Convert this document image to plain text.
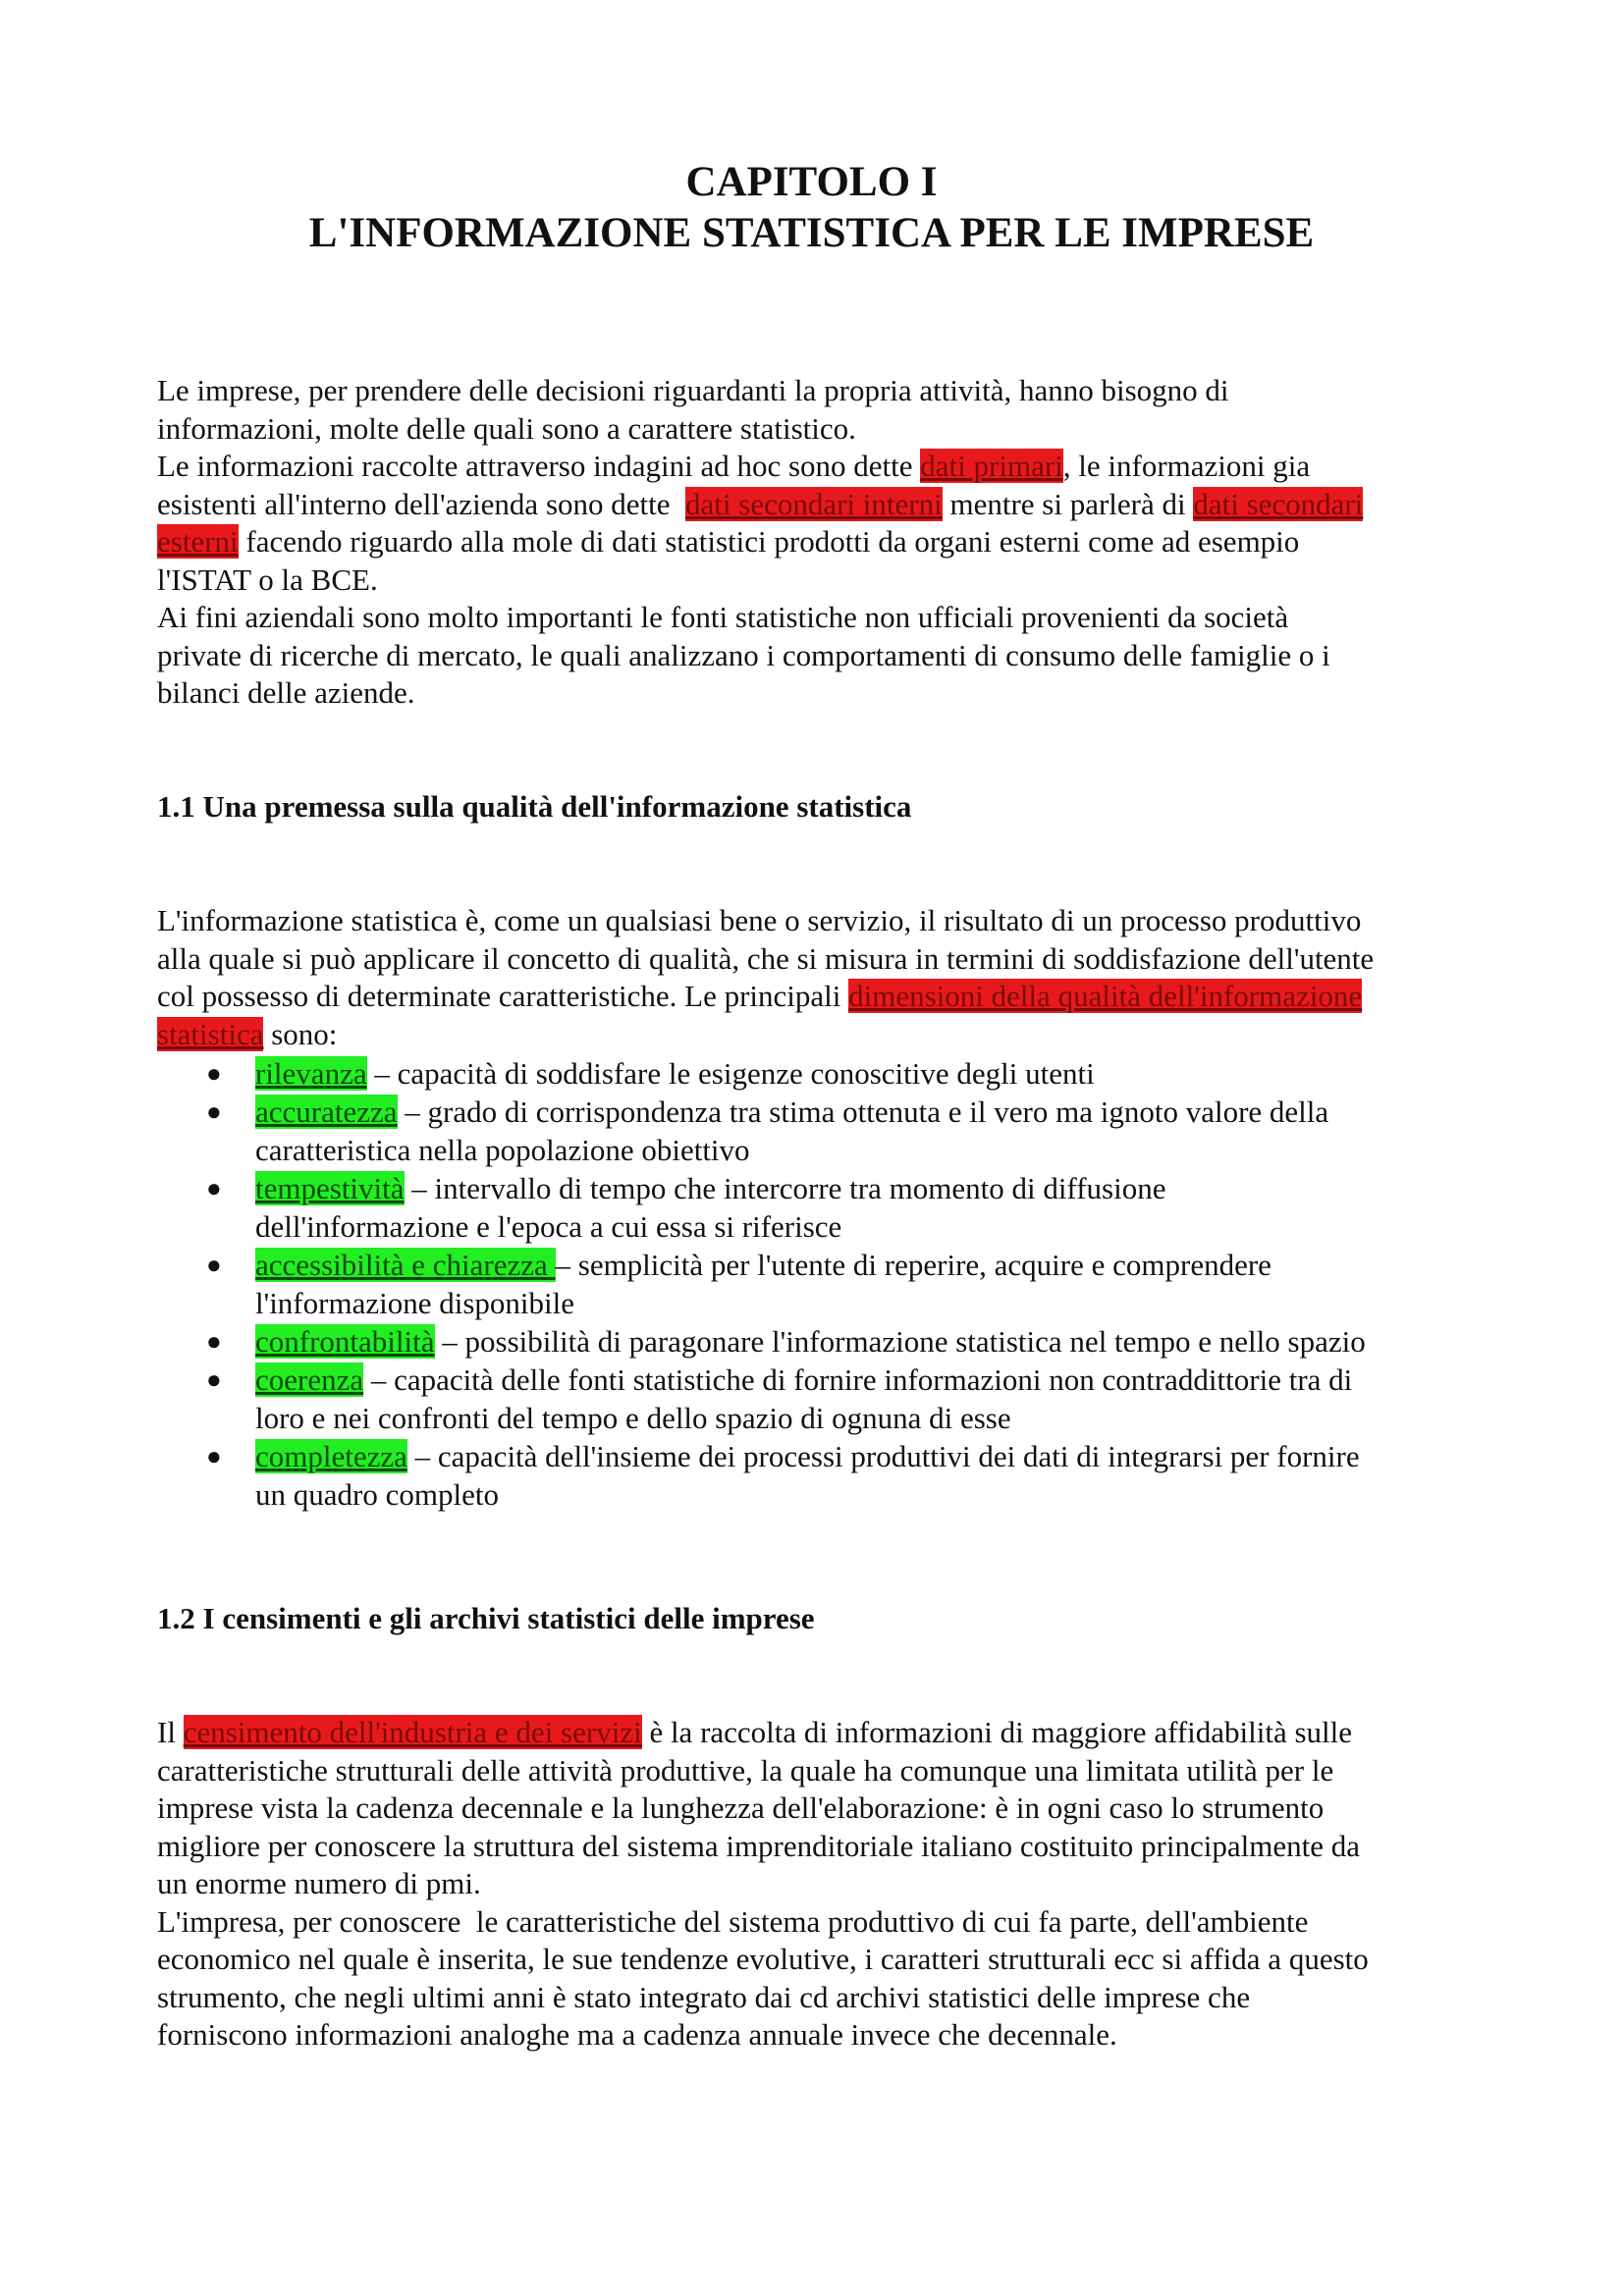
CAPITOLO I
L'INFORMAZIONE STATISTICA PER LE IMPRESE
Le imprese, per prendere delle decisioni riguardanti la propria attività, hanno bisogno di
informazioni, molte delle quali sono a carattere statistico.
Le informazioni raccolte attraverso indagini ad hoc sono dette dati primari, le informazioni gia
esistenti all'interno dell'azienda sono dette  dati secondari interni mentre si parlerà di dati secondari
esterni facendo riguardo alla mole di dati statistici prodotti da organi esterni come ad esempio
l'ISTAT o la BCE.
Ai fini aziendali sono molto importanti le fonti statistiche non ufficiali provenienti da società
private di ricerche di mercato, le quali analizzano i comportamenti di consumo delle famiglie o i
bilanci delle aziende.
1.1 Una premessa sulla qualità dell'informazione statistica
L'informazione statistica è, come un qualsiasi bene o servizio, il risultato di un processo produttivo
alla quale si può applicare il concetto di qualità, che si misura in termini di soddisfazione dell'utente
col possesso di determinate caratteristiche. Le principali dimensioni della qualità dell'informazione
statistica sono:
● rilevanza – capacità di soddisfare le esigenze conoscitive degli utenti
● accuratezza – grado di corrispondenza tra stima ottenuta e il vero ma ignoto valore della
caratteristica nella popolazione obiettivo
● tempestività – intervallo di tempo che intercorre tra momento di diffusione
dell'informazione e l'epoca a cui essa si riferisce
● accessibilità e chiarezza – semplicità per l'utente di reperire, acquire e comprendere
l'informazione disponibile
● confrontabilità – possibilità di paragonare l'informazione statistica nel tempo e nello spazio
● coerenza – capacità delle fonti statistiche di fornire informazioni non contraddittorie tra di
loro e nei confronti del tempo e dello spazio di ognuna di esse
● completezza – capacità dell'insieme dei processi produttivi dei dati di integrarsi per fornire
un quadro completo
1.2 I censimenti e gli archivi statistici delle imprese
Il censimento dell'industria e dei servizi è la raccolta di informazioni di maggiore affidabilità sulle
caratteristiche strutturali delle attività produttive, la quale ha comunque una limitata utilità per le
imprese vista la cadenza decennale e la lunghezza dell'elaborazione: è in ogni caso lo strumento
migliore per conoscere la struttura del sistema imprenditoriale italiano costituito principalmente da
un enorme numero di pmi.
L'impresa, per conoscere  le caratteristiche del sistema produttivo di cui fa parte, dell'ambiente
economico nel quale è inserita, le sue tendenze evolutive, i caratteri strutturali ecc si affida a questo
strumento, che negli ultimi anni è stato integrato dai cd archivi statistici delle imprese che
forniscono informazioni analoghe ma a cadenza annuale invece che decennale.
